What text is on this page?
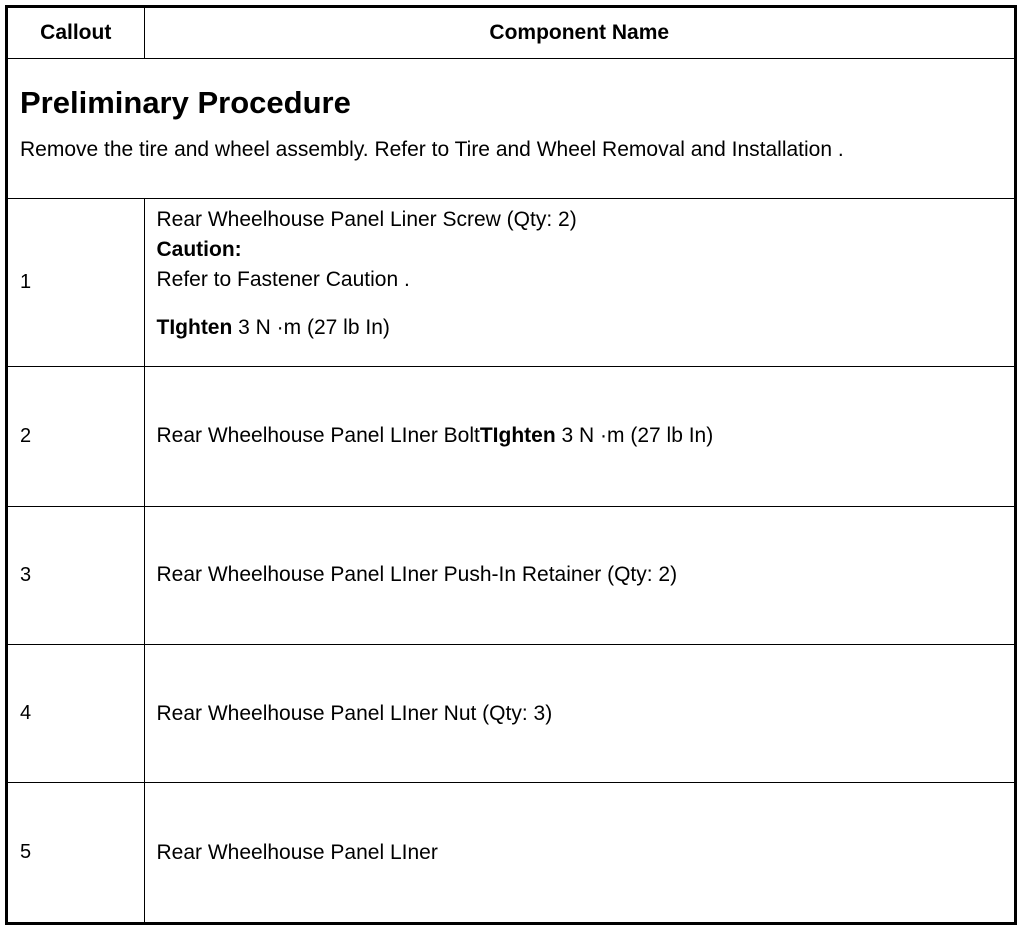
Callout	Component Name

Preliminary Procedure
Remove the tire and wheel assembly. Refer to Tire and Wheel Removal and Installation .	

1	Rear Wheelhouse Panel Liner Screw (Qty: 2)
Caution:
Refer to Fastener Caution .
TIghten 3 N ·m (27 lb In)

2	Rear Wheelhouse Panel LIner BoltTIghten 3 N ·m (27 lb In)
3	Rear Wheelhouse Panel LIner Push-In Retainer (Qty: 2)
4	Rear Wheelhouse Panel LIner Nut (Qty: 3)
5	Rear Wheelhouse Panel LIner
